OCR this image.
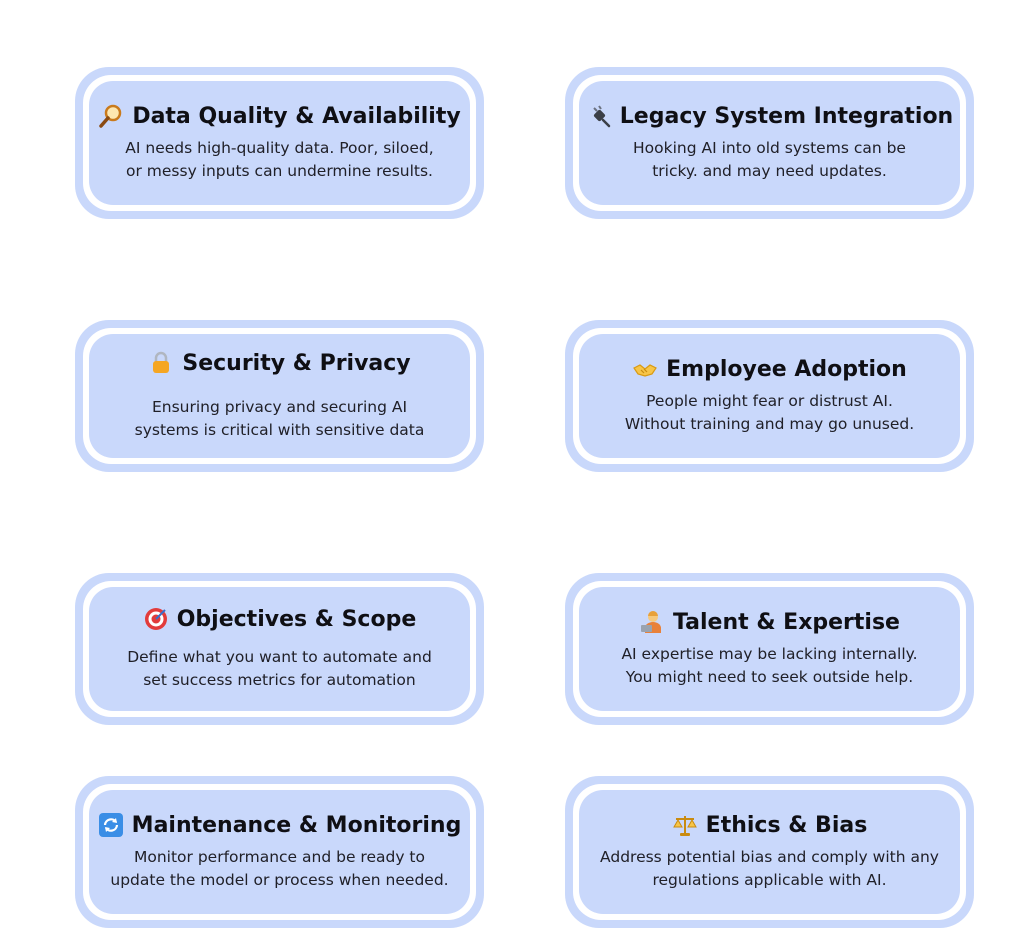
Data Quality & Availability
AI needs high-quality data. Poor, siloed,
or messy inputs can undermine results.
Legacy System Integration
Hooking AI into old systems can be
tricky. and may need updates.
Security & Privacy
Ensuring privacy and securing AI
systems is critical with sensitive data
Employee Adoption
People might fear or distrust AI.
Without training and may go unused.
Objectives & Scope
Define what you want to automate and
set success metrics for automation
Talent & Expertise
AI expertise may be lacking internally.
You might need to seek outside help.
Maintenance & Monitoring
Monitor performance and be ready to
update the model or process when needed.
Ethics & Bias
Address potential bias and comply with any
regulations applicable with AI.
